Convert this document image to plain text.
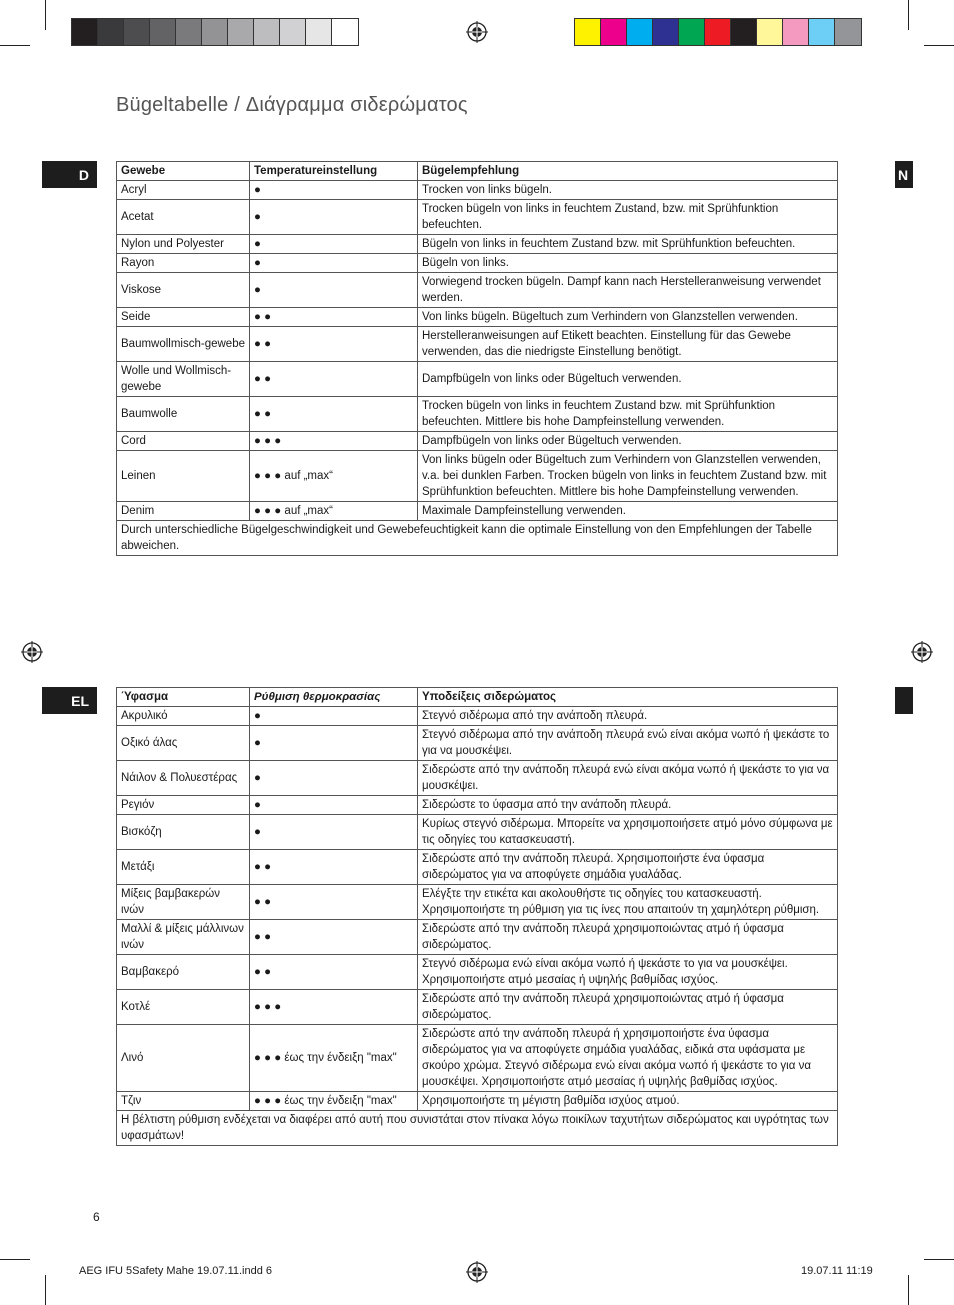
Bügeltabelle / Διάγραμμα σιδερώματος
D	N
Gewebe	Temperatureinstellung	Bügelempfehlung
Acryl	●	Trocken von links bügeln.
Acetat	●	Trocken bügeln von links in feuchtem Zustand, bzw. mit Sprühfunktion befeuchten.
Nylon und Polyester	●	Bügeln von links in feuchtem Zustand bzw. mit Sprühfunktion befeuchten.
Rayon	●	Bügeln von links.
Viskose	●	Vorwiegend trocken bügeln. Dampf kann nach Herstelleranweisung verwendet werden.
Seide	● ●	Von links bügeln. Bügeltuch zum Verhindern von Glanzstellen verwenden.
Baumwollmisch-gewebe	● ●	Herstelleranweisungen auf Etikett beachten. Einstellung für das Gewebe verwenden, das die niedrigste Einstellung benötigt.
Wolle und Wollmisch-gewebe	● ●	Dampfbügeln von links oder Bügeltuch verwenden.
Baumwolle	● ●	Trocken bügeln von links in feuchtem Zustand bzw. mit Sprühfunktion befeuchten. Mittlere bis hohe Dampfeinstellung verwenden.
Cord	● ● ●	Dampfbügeln von links oder Bügeltuch verwenden.
Leinen	● ● ● auf „max“	Von links bügeln oder Bügeltuch zum Verhindern von Glanzstellen verwenden, v.a. bei dunklen Farben. Trocken bügeln von links in feuchtem Zustand bzw. mit Sprühfunktion befeuchten. Mittlere bis hohe Dampfeinstellung verwenden.
Denim	● ● ● auf „max“	Maximale Dampfeinstellung verwenden.
Durch unterschiedliche Bügelgeschwindigkeit und Gewebefeuchtigkeit kann die optimale Einstellung von den Empfehlungen der Tabelle abweichen.		
EL	Ύφασμα	Ρύθμιση θερμοκρασίας	Υποδείξεις σιδερώματος
Ακρυλικό	●	Στεγνό σιδέρωμα από την ανάποδη πλευρά.
Οξικό άλας	●	Στεγνό σιδέρωμα από την ανάποδη πλευρά ενώ είναι ακόμα νωπό ή ψεκάστε το για να μουσκέψει.
Νάιλον & Πολυεστέρας	●	Σιδερώστε από την ανάποδη πλευρά ενώ είναι ακόμα νωπό ή ψεκάστε το για να μουσκέψει.
Ρεγιόν	●	Σιδερώστε το ύφασμα από την ανάποδη πλευρά.
Βισκόζη	●	Κυρίως στεγνό σιδέρωμα. Μπορείτε να χρησιμοποιήσετε ατμό μόνο σύμφωνα με τις οδηγίες του κατασκευαστή.
Μετάξι	● ●	Σιδερώστε από την ανάποδη πλευρά. Χρησιμοποιήστε ένα ύφασμα σιδερώματος για να αποφύγετε σημάδια γυαλάδας.
Μίξεις βαμβακερών ινών	● ●	Ελέγξτε την ετικέτα και ακολουθήστε τις οδηγίες του κατασκευαστή. Χρησιμοποιήστε τη ρύθμιση για τις ίνες που απαιτούν τη χαμηλότερη ρύθμιση.
Μαλλί & μίξεις μάλλινων ινών	● ●	Σιδερώστε από την ανάποδη πλευρά χρησιμοποιώντας ατμό ή ύφασμα σιδερώματος.
Βαμβακερό	● ●	Στεγνό σιδέρωμα ενώ είναι ακόμα νωπό ή ψεκάστε το για να μουσκέψει. Χρησιμοποιήστε ατμό μεσαίας ή υψηλής βαθμίδας ισχύος.
Κοτλέ	● ● ●	Σιδερώστε από την ανάποδη πλευρά χρησιμοποιώντας ατμό ή ύφασμα σιδερώματος.
Λινό	● ● ● έως την ένδειξη "max"	Σιδερώστε από την ανάποδη πλευρά ή χρησιμοποιήστε ένα ύφασμα σιδερώματος για να αποφύγετε σημάδια γυαλάδας, ειδικά στα υφάσματα με σκούρο χρώμα. Στεγνό σιδέρωμα ενώ είναι ακόμα νωπό ή ψεκάστε το για να μουσκέψει. Χρησιμοποιήστε ατμό μεσαίας ή υψηλής βαθμίδας ισχύος.
Τζιν	● ● ● έως την ένδειξη "max"	Χρησιμοποιήστε τη μέγιστη βαθμίδα ισχύος ατμού.
Η βέλτιστη ρύθμιση ενδέχεται να διαφέρει από αυτή που συνιστάται στον πίνακα λόγω ποικίλων ταχυτήτων σιδερώματος και υγρότητας των υφασμάτων!		
6
AEG IFU 5Safety Mahe 19.07.11.indd 6	19.07.11 11:19
